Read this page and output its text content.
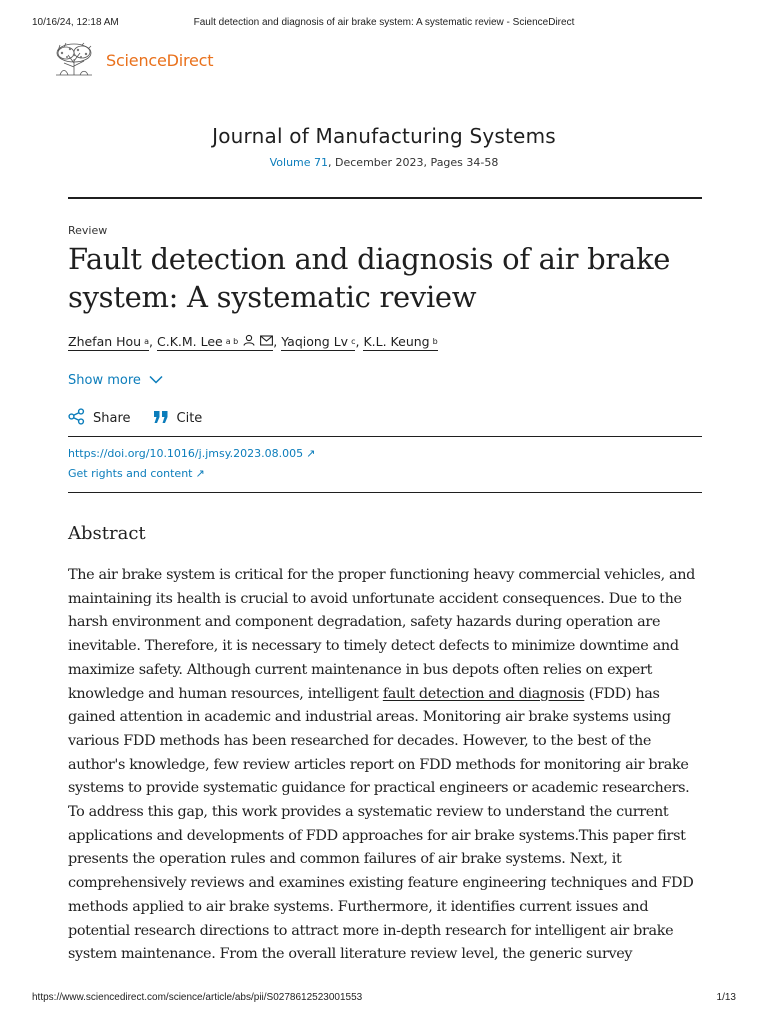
10/16/24, 12:18 AM	Fault detection and diagnosis of air brake system: A systematic review - ScienceDirect
ScienceDirect
Journal of Manufacturing Systems
Volume 71, December 2023, Pages 34-58
Review
Fault detection and diagnosis of air brake system: A systematic review
Zhefan Hou $^a$ , C.K.M. Lee $^{a b}$	, Yaqiong Lv $^c$ , K.L. Keung $^b$
Show more
Share	Cite
https://doi.org/10.1016/j.jmsy.2023.08.005 ↗
Get rights and content ↗
Abstract
The air brake system is critical for the proper functioning heavy commercial vehicles, and
maintaining its health is crucial to avoid unfortunate accident consequences. Due to the
harsh environment and component degradation, safety hazards during operation are
inevitable. Therefore, it is necessary to timely detect defects to minimize downtime and
maximize safety. Although current maintenance in bus depots often relies on expert
knowledge and human resources, intelligent fault detection and diagnosis (FDD) has
gained attention in academic and industrial areas. Monitoring air brake systems using
various FDD methods has been researched for decades. However, to the best of the
author's knowledge, few review articles report on FDD methods for monitoring air brake
systems to provide systematic guidance for practical engineers or academic researchers.
To address this gap, this work provides a systematic review to understand the current
applications and developments of FDD approaches for air brake systems.This paper first
presents the operation rules and common failures of air brake systems. Next, it
comprehensively reviews and examines existing feature engineering techniques and FDD
methods applied to air brake systems. Furthermore, it identifies current issues and
potential research directions to attract more in-depth research for intelligent air brake
system maintenance. From the overall literature review level, the generic survey
https://www.sciencedirect.com/science/article/abs/pii/S0278612523001553	1/13
